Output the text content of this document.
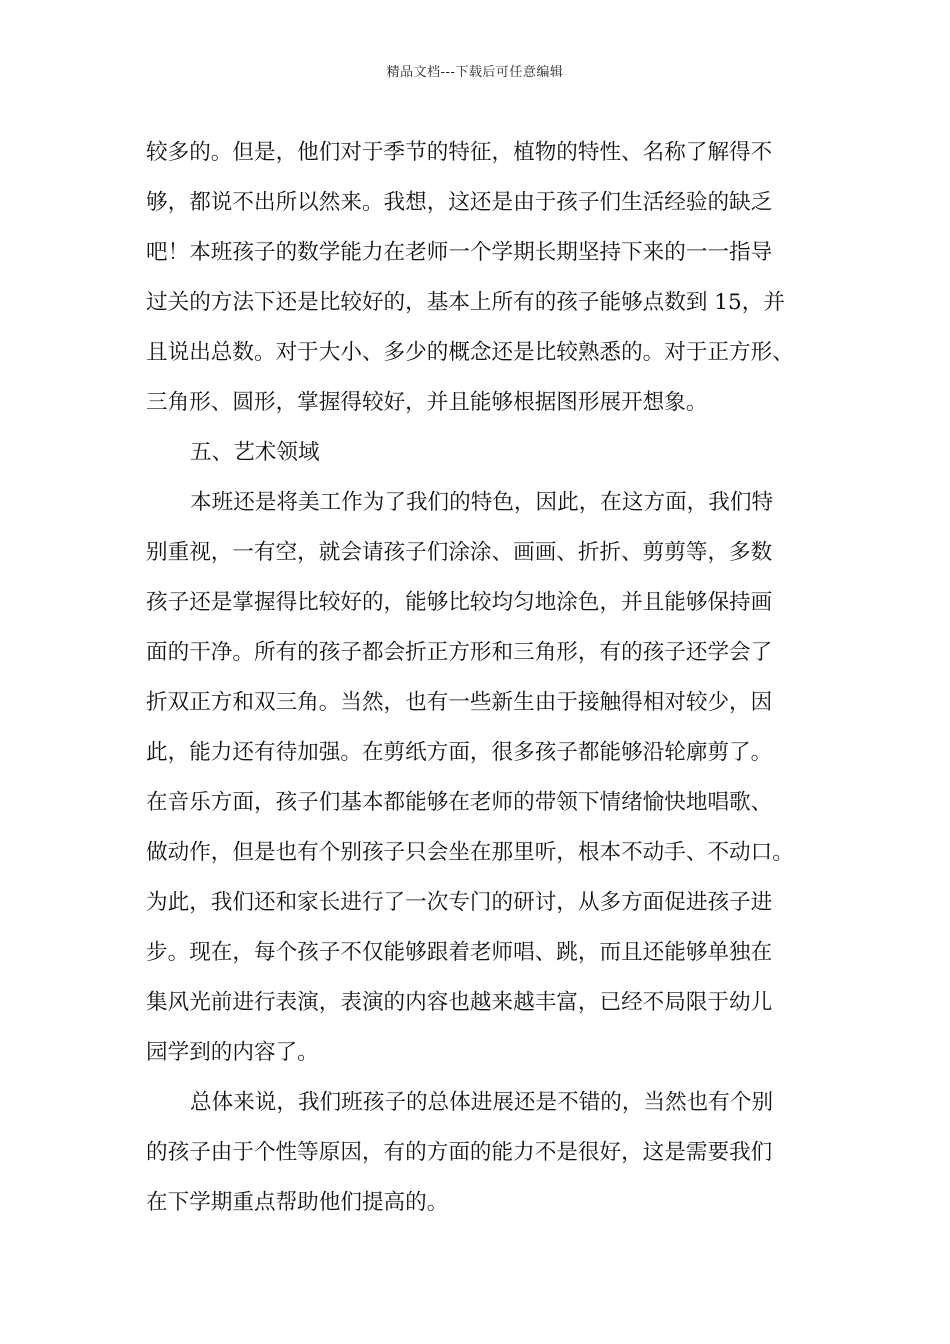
精品文档---下载后可任意编辑
较多的。但是，他们对于季节的特征，植物的特性、名称了解得不
够，都说不出所以然来。我想，这还是由于孩子们生活经验的缺乏
吧！本班孩子的数学能力在老师一个学期长期坚持下来的一一指导
过关的方法下还是比较好的，基本上所有的孩子能够点数到 15，并
且说出总数。对于大小、多少的概念还是比较熟悉的。对于正方形、
三角形、圆形，掌握得较好，并且能够根据图形展开想象。
五、艺术领域
本班还是将美工作为了我们的特色，因此，在这方面，我们特
别重视，一有空，就会请孩子们涂涂、画画、折折、剪剪等，多数
孩子还是掌握得比较好的，能够比较均匀地涂色，并且能够保持画
面的干净。所有的孩子都会折正方形和三角形，有的孩子还学会了
折双正方和双三角。当然，也有一些新生由于接触得相对较少，因
此，能力还有待加强。在剪纸方面，很多孩子都能够沿轮廓剪了。
在音乐方面，孩子们基本都能够在老师的带领下情绪愉快地唱歌、
做动作，但是也有个别孩子只会坐在那里听，根本不动手、不动口。
为此，我们还和家长进行了一次专门的研讨，从多方面促进孩子进
步。现在，每个孩子不仅能够跟着老师唱、跳，而且还能够单独在
集风光前进行表演，表演的内容也越来越丰富，已经不局限于幼儿
园学到的内容了。
总体来说，我们班孩子的总体进展还是不错的，当然也有个别
的孩子由于个性等原因，有的方面的能力不是很好，这是需要我们
在下学期重点帮助他们提高的。
